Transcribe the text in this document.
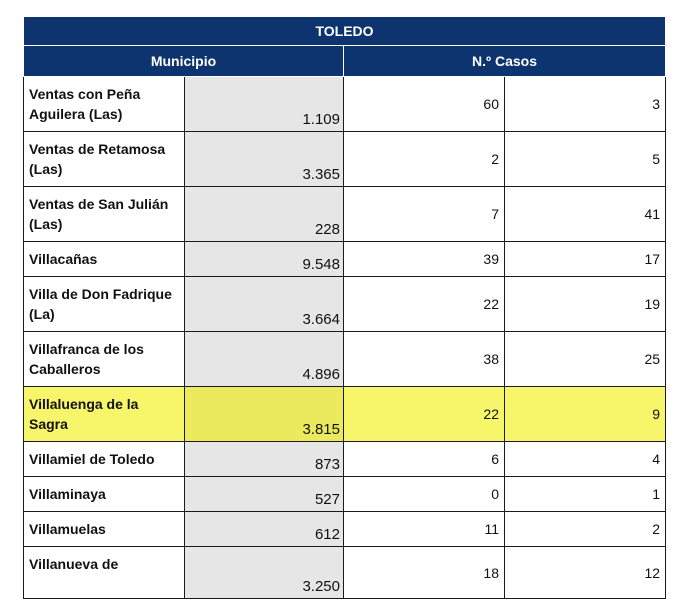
TOLEDO			
Municipio		N.º Casos	
Ventas con Peña Aguilera (Las)	1.109	60	3
Ventas de Retamosa (Las)	3.365	2	5
Ventas de San Julián (Las)	228	7	41
Villacañas	9.548	39	17
Villa de Don Fadrique (La)	3.664	22	19
Villafranca de los Caballeros	4.896	38	25
Villaluenga de la Sagra	3.815	22	9
Villamiel de Toledo	873	6	4
Villaminaya	527	0	1
Villamuelas	612	11	2
Villanueva de	3.250	18	12
